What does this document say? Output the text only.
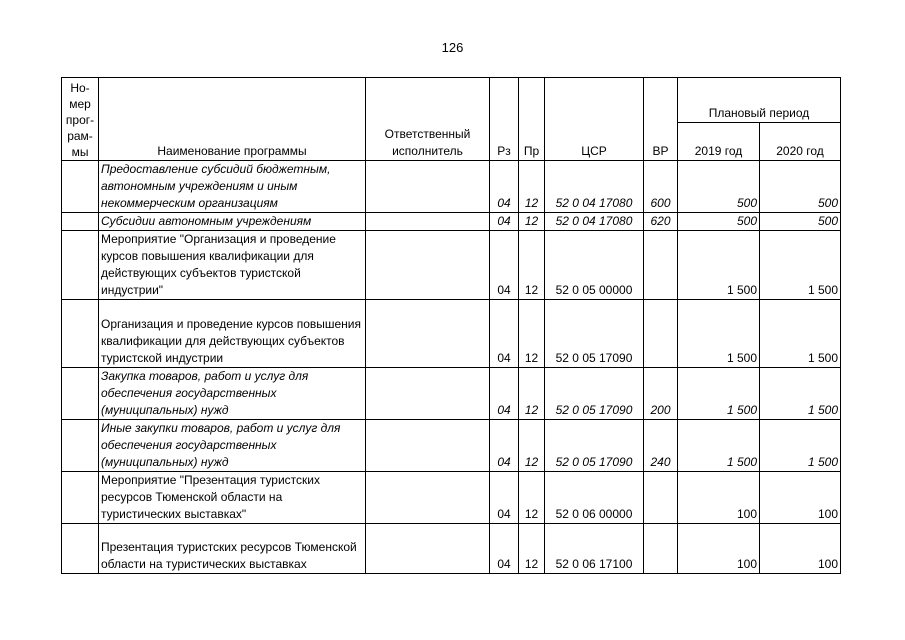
126
Но-
мер
прог-
рам-
мы	Наименование программы	Ответственный исполнитель	Рз	Пр	ЦСР	ВР	Плановый период	
							2019 год	2020 год
	Предоставление субсидий бюджетным, автономным учреждениям и иным некоммерческим организациям		04	12	52 0 04 17080	600	500	500
	Субсидии автономным учреждениям		04	12	52 0 04 17080	620	500	500
	Мероприятие "Организация и проведение курсов повышения квалификации для действующих субъектов туристской индустрии"		04	12	52 0 05 00000		1 500	1 500
	Организация и проведение курсов повышения квалификации для действующих субъектов туристской индустрии		04	12	52 0 05 17090		1 500	1 500
	Закупка товаров, работ и услуг для обеспечения государственных (муниципальных) нужд		04	12	52 0 05 17090	200	1 500	1 500
	Иные закупки товаров, работ и услуг для обеспечения государственных (муниципальных) нужд		04	12	52 0 05 17090	240	1 500	1 500
	Мероприятие "Презентация туристских ресурсов Тюменской области на туристических выставках"		04	12	52 0 06 00000		100	100
	Презентация туристских ресурсов Тюменской области на туристических выставках		04	12	52 0 06 17100		100	100
